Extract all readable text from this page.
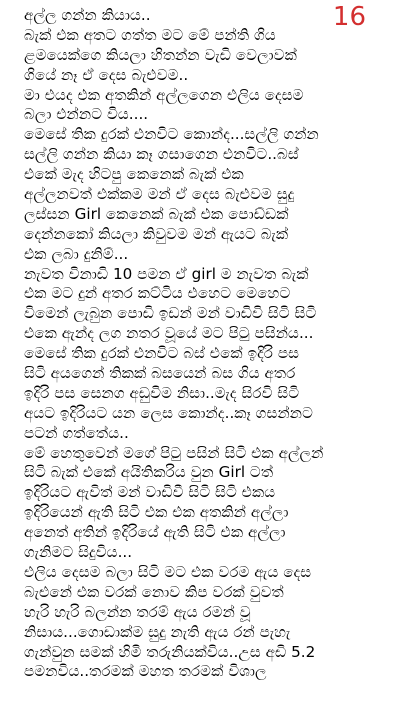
16
අල්ල ගන්න කියාය..
බැක් එක අතට ගත්ත මට මේ පන්ති ගිය
ළමයෙක්ගෙ කියලා හිතන්න වැඩි වෙලාවක්
ගියේ නෑ ඒ දෙස බැළුවම..
මා එයද එක අතකින් අල්ලගෙන එලිය දෙසම
බලා එන්නට විය....
මෙසේ තික දුරක් එනවිට කොන්ද...සල්ලි ගන්න
සල්ලි ගන්න කියා කෑ ගසාගෙන එනවිට..බස්
එකේ මැද හිටපු කෙනෙක් බැක් එක
අල්ලනවත් එක්කම මන් ඒ දෙස බැළුවම සුදු
ලස්සන Girl කෙනෙක් බැක් එක පොඩ්ඩක්
දෙන්නකෝ කියලා කිවුවම මන් ඇයට බැක්
එක ලබා දුනිම්...
නැවත විනාඩි 10 පමන ඒ girl ම නැවත බැක්
එක මට දුන් අතර කට්ටිය එහෙට මෙහෙට
විමෙන් ලැබුන පොඩි ඉඩන් මන් වාඩිවි සිටි සිටි
එකෙ ඇන්ද ලග නතර වූයේ මට පිටු පසින්ය...
මෙසේ තික දුරක් එනවිට බස් එකේ ඉදිරි පස
සිටි අයගෙන් තිකක් බසයෙන් බස ගිය අතර
ඉදිරි පස සෙනග අඩුවිම නිසා..මැද සිරවි සිටි
අයට ඉදිරියට යන ලෙස කොන්ද..කෑ ගසන්නට
පටන් ගත්තේය..
මේ හෙතුවෙන් මගේ පිටු පසින් සිටි එක අල්ලන්
සිටි බැක් එකේ අයිතිකරිය වුන Girl ටත්
ඉදිරියට ඇවිත් මන් වාඩිවී සිටි සිටි එකය
ඉදිරියෙන් ඇති සිටි එක එක අතකින් අල්ලා
අනෙත් අතින් ඉදිරියේ ඇති සිටි එක අල්ලා
ගැනිමට සිදුවිය...
එලිය දෙසම බලා සිටි මට එක වරම ඇය දෙස
බැළුනේ එක වරක් නොව කිප වරක් වුවත්
හැරි හැරි බලන්න තරම් ඇය රමන් වූ
නිසාය...ගොඩාක්ම සුදු නැති ඇය රන් පැහැ
ගැන්වුන සමක් හිමි තරුනියක්විය..උස අඩි 5.2
පමනවිය..තරමක් මහත තරමක් විශාල
